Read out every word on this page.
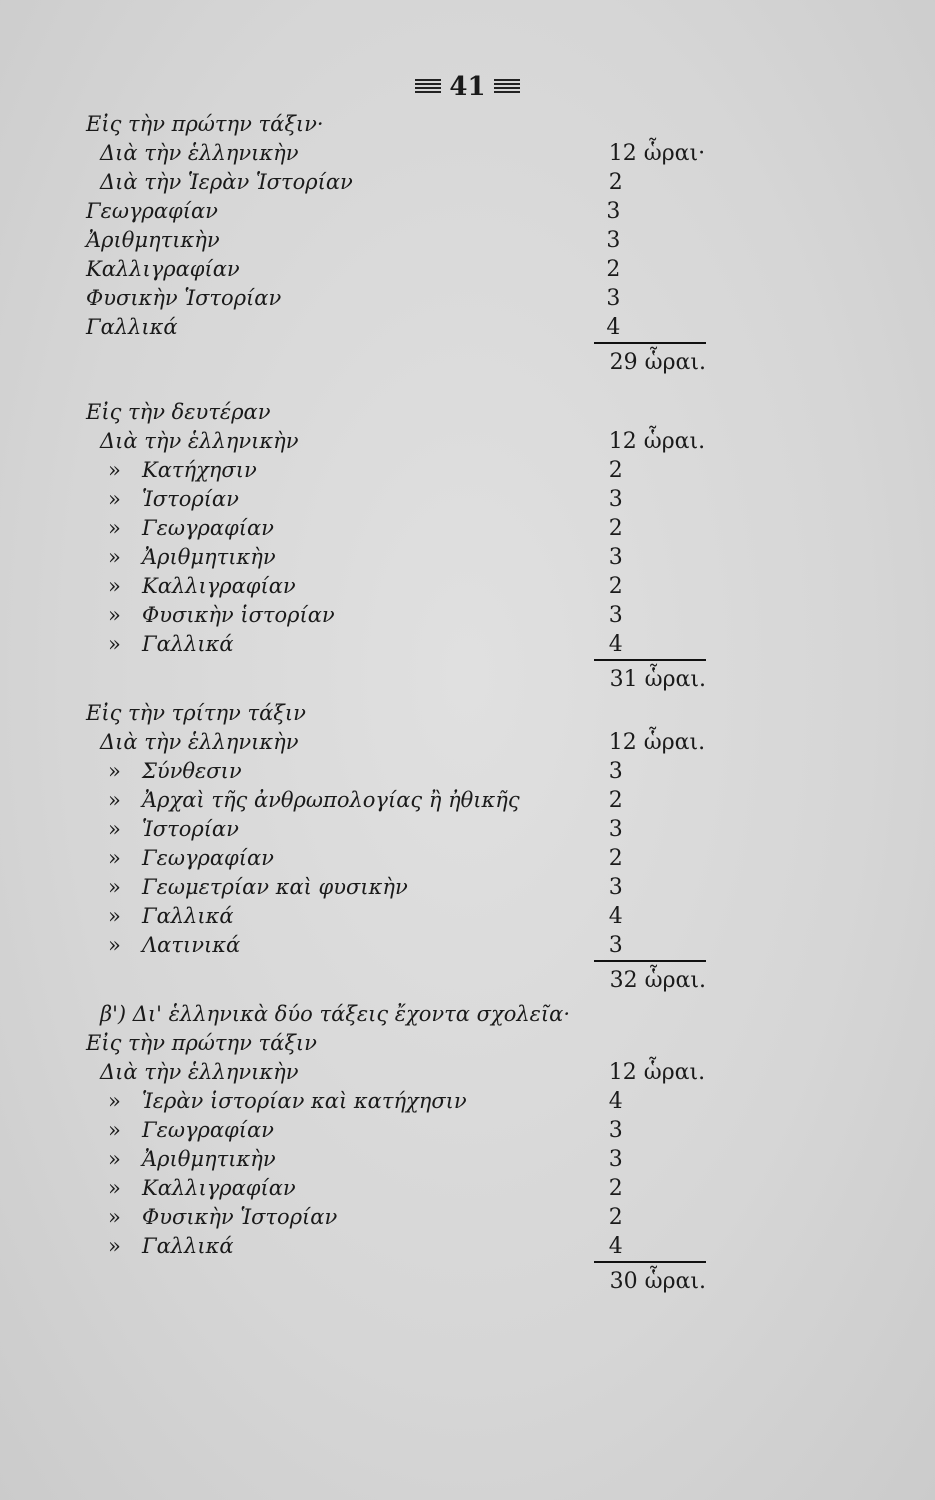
41
Εἰς τὴν πρώτην τάξιν·
Διὰ τὴν ἑλληνικὴν	12 ὧραι·
Διὰ τὴν Ἱερὰν Ἱστορίαν	2
Γεωγραφίαν	3
Ἀριθμητικὴν	3
Καλλιγραφίαν	2
Φυσικὴν Ἱστορίαν	3
Γαλλικά	4
29 ὧραι.
Εἰς τὴν δευτέραν
Διὰ τὴν ἑλληνικὴν	12 ὧραι.
»	Κατήχησιν	2
»	Ἱστορίαν	3
»	Γεωγραφίαν	2
»	Ἀριθμητικὴν	3
»	Καλλιγραφίαν	2
»	Φυσικὴν ἱστορίαν	3
»	Γαλλικά	4
31 ὧραι.
Εἰς τὴν τρίτην τάξιν
Διὰ τὴν ἑλληνικὴν	12 ὧραι.
»	Σύνθεσιν	3
»	Ἀρχαὶ τῆς ἀνθρωπολογίας ἢ ἠθικῆς	2
»	Ἱστορίαν	3
»	Γεωγραφίαν	2
»	Γεωμετρίαν καὶ φυσικὴν	3
»	Γαλλικά	4
»	Λατινικά	3
32 ὧραι.
β') Δι' ἑλληνικὰ δύο τάξεις ἔχοντα σχολεῖα·
Εἰς τὴν πρώτην τάξιν
Διὰ τὴν ἑλληνικὴν	12 ὧραι.
»	Ἱερὰν ἱστορίαν καὶ κατήχησιν	4
»	Γεωγραφίαν	3
»	Ἀριθμητικὴν	3
»	Καλλιγραφίαν	2
»	Φυσικὴν Ἱστορίαν	2
»	Γαλλικά	4
30 ὧραι.
